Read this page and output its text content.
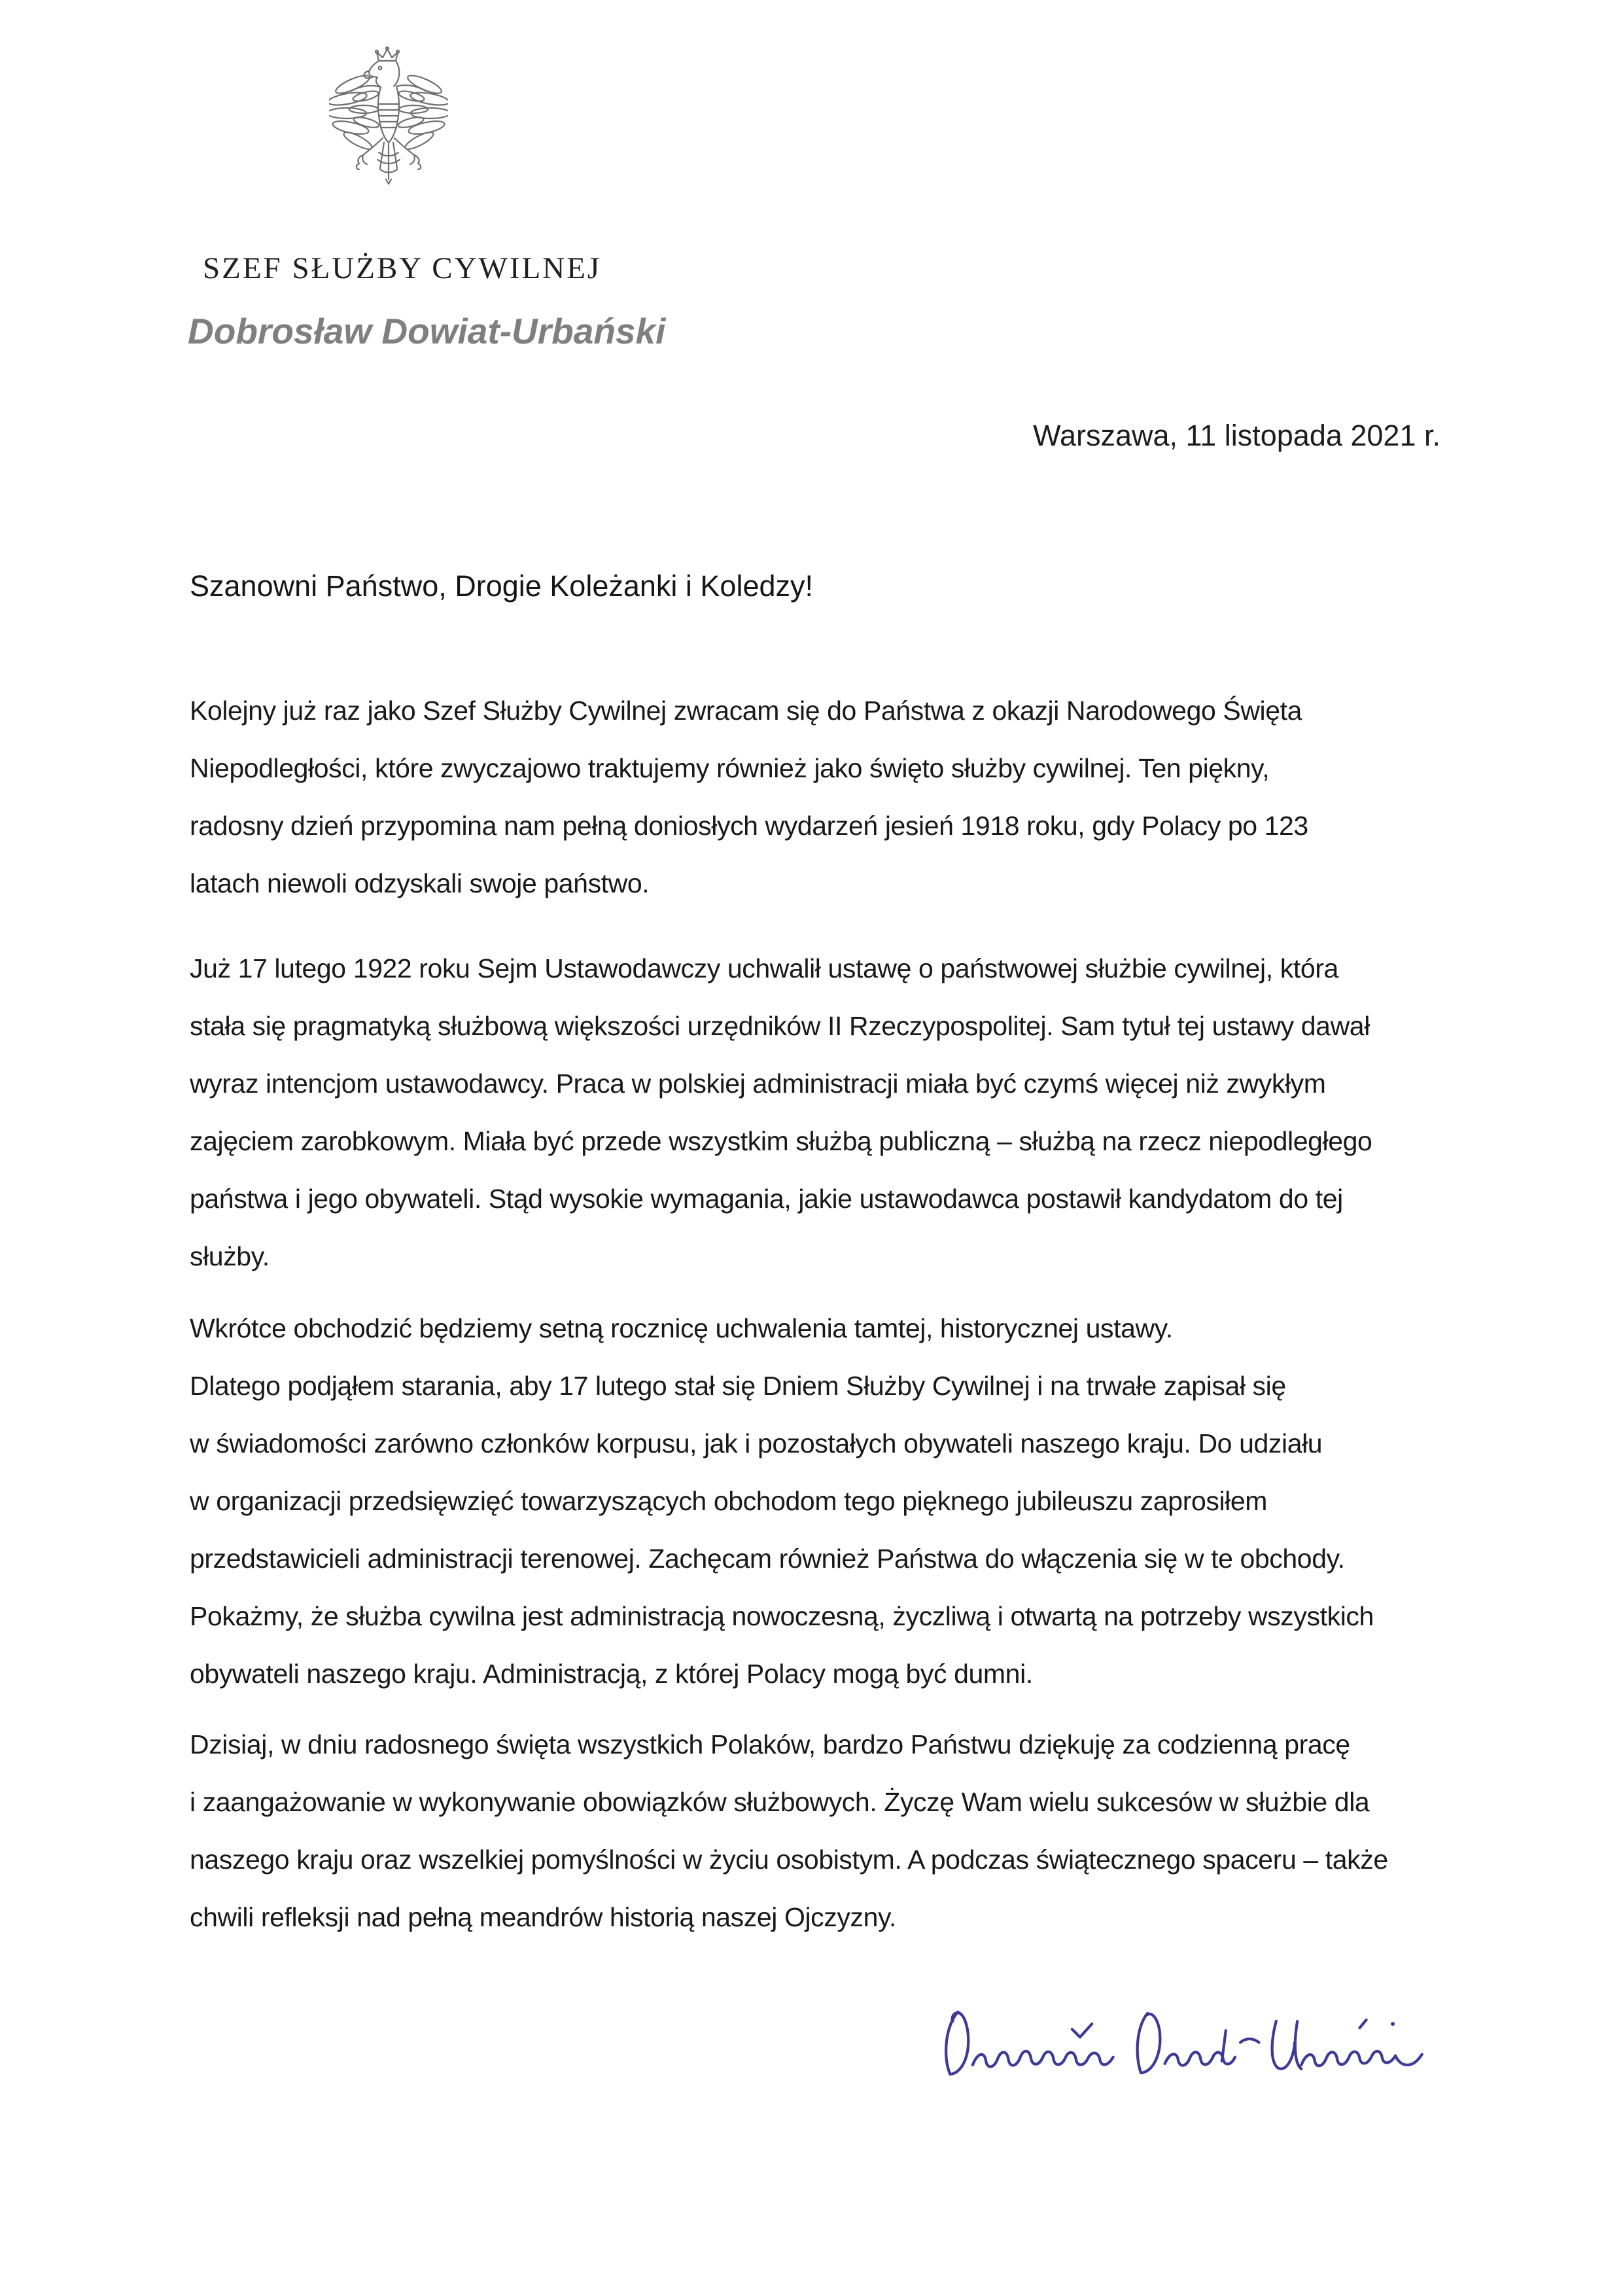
SZEF SŁUŻBY CYWILNEJ
Dobrosław Dowiat-Urbański
Warszawa, 11 listopada 2021 r.
Szanowni Państwo, Drogie Koleżanki i Koledzy!
Kolejny już raz jako Szef Służby Cywilnej zwracam się do Państwa z okazji Narodowego Święta
Niepodległości, które zwyczajowo traktujemy również jako święto służby cywilnej. Ten piękny,
radosny dzień przypomina nam pełną doniosłych wydarzeń jesień 1918 roku, gdy Polacy po 123
latach niewoli odzyskali swoje państwo.
Już 17 lutego 1922 roku Sejm Ustawodawczy uchwalił ustawę o państwowej służbie cywilnej, która
stała się pragmatyką służbową większości urzędników II Rzeczypospolitej. Sam tytuł tej ustawy dawał
wyraz intencjom ustawodawcy. Praca w polskiej administracji miała być czymś więcej niż zwykłym
zajęciem zarobkowym. Miała być przede wszystkim służbą publiczną – służbą na rzecz niepodległego
państwa i jego obywateli. Stąd wysokie wymagania, jakie ustawodawca postawił kandydatom do tej
służby.
Wkrótce obchodzić będziemy setną rocznicę uchwalenia tamtej, historycznej ustawy.
Dlatego podjąłem starania, aby 17 lutego stał się Dniem Służby Cywilnej i na trwałe zapisał się
w świadomości zarówno członków korpusu, jak i pozostałych obywateli naszego kraju. Do udziału
w organizacji przedsięwzięć towarzyszących obchodom tego pięknego jubileuszu zaprosiłem
przedstawicieli administracji terenowej. Zachęcam również Państwa do włączenia się w te obchody.
Pokażmy, że służba cywilna jest administracją nowoczesną, życzliwą i otwartą na potrzeby wszystkich
obywateli naszego kraju. Administracją, z której Polacy mogą być dumni.
Dzisiaj, w dniu radosnego święta wszystkich Polaków, bardzo Państwu dziękuję za codzienną pracę
i zaangażowanie w wykonywanie obowiązków służbowych. Życzę Wam wielu sukcesów w służbie dla
naszego kraju oraz wszelkiej pomyślności w życiu osobistym. A podczas świątecznego spaceru – także
chwili refleksji nad pełną meandrów historią naszej Ojczyzny.
